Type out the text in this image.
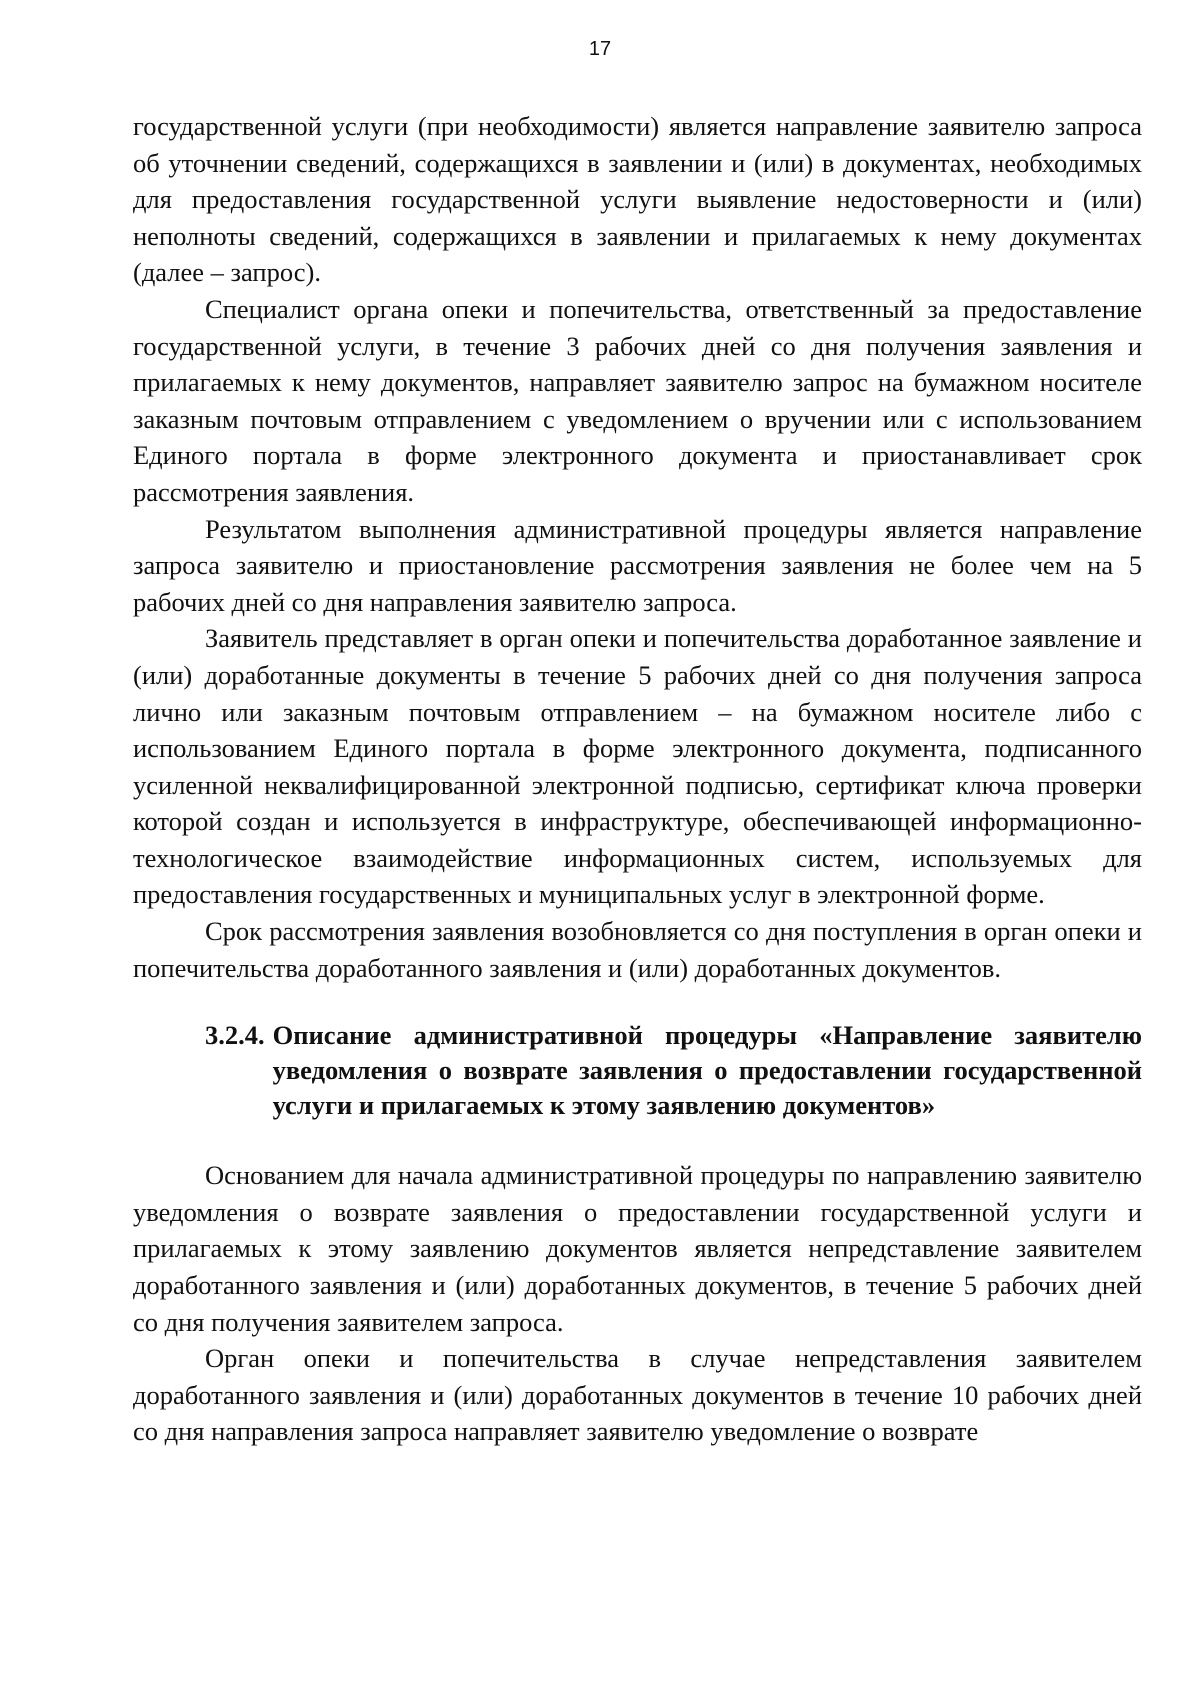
17

государственной услуги (при необходимости) является направление заявителю запроса об уточнении сведений, содержащихся в заявлении и (или) в документах, необходимых для предоставления государственной услуги выявление недостоверности и (или) неполноты сведений, содержащихся в заявлении и прилагаемых к нему документах (далее – запрос).

Специалист органа опеки и попечительства, ответственный за предоставление государственной услуги, в течение 3 рабочих дней со дня получения заявления и прилагаемых к нему документов, направляет заявителю запрос на бумажном носителе заказным почтовым отправлением с уведомлением о вручении или с использованием Единого портала в форме электронного документа и приостанавливает срок рассмотрения заявления.

Результатом выполнения административной процедуры является направление запроса заявителю и приостановление рассмотрения заявления не более чем на 5 рабочих дней со дня направления заявителю запроса.

Заявитель представляет в орган опеки и попечительства доработанное заявление и (или) доработанные документы в течение 5 рабочих дней со дня получения запроса лично или заказным почтовым отправлением – на бумажном носителе либо с использованием Единого портала в форме электронного документа, подписанного усиленной неквалифицированной электронной подписью, сертификат ключа проверки которой создан и используется в инфраструктуре, обеспечивающей информационно-технологическое взаимодействие информационных систем, используемых для предоставления государственных и муниципальных услуг в электронной форме.

Срок рассмотрения заявления возобновляется со дня поступления в орган опеки и попечительства доработанного заявления и (или) доработанных документов.

3.2.4. Описание административной процедуры «Направление заявителю уведомления о возврате заявления о предоставлении государственной услуги и прилагаемых к этому заявлению документов»

Основанием для начала административной процедуры по направлению заявителю уведомления о возврате заявления о предоставлении государственной услуги и прилагаемых к этому заявлению документов является непредставление заявителем доработанного заявления и (или) доработанных документов, в течение 5 рабочих дней со дня получения заявителем запроса.

Орган опеки и попечительства в случае непредставления заявителем доработанного заявления и (или) доработанных документов в течение 10 рабочих дней со дня направления запроса направляет заявителю уведомление о возврате
